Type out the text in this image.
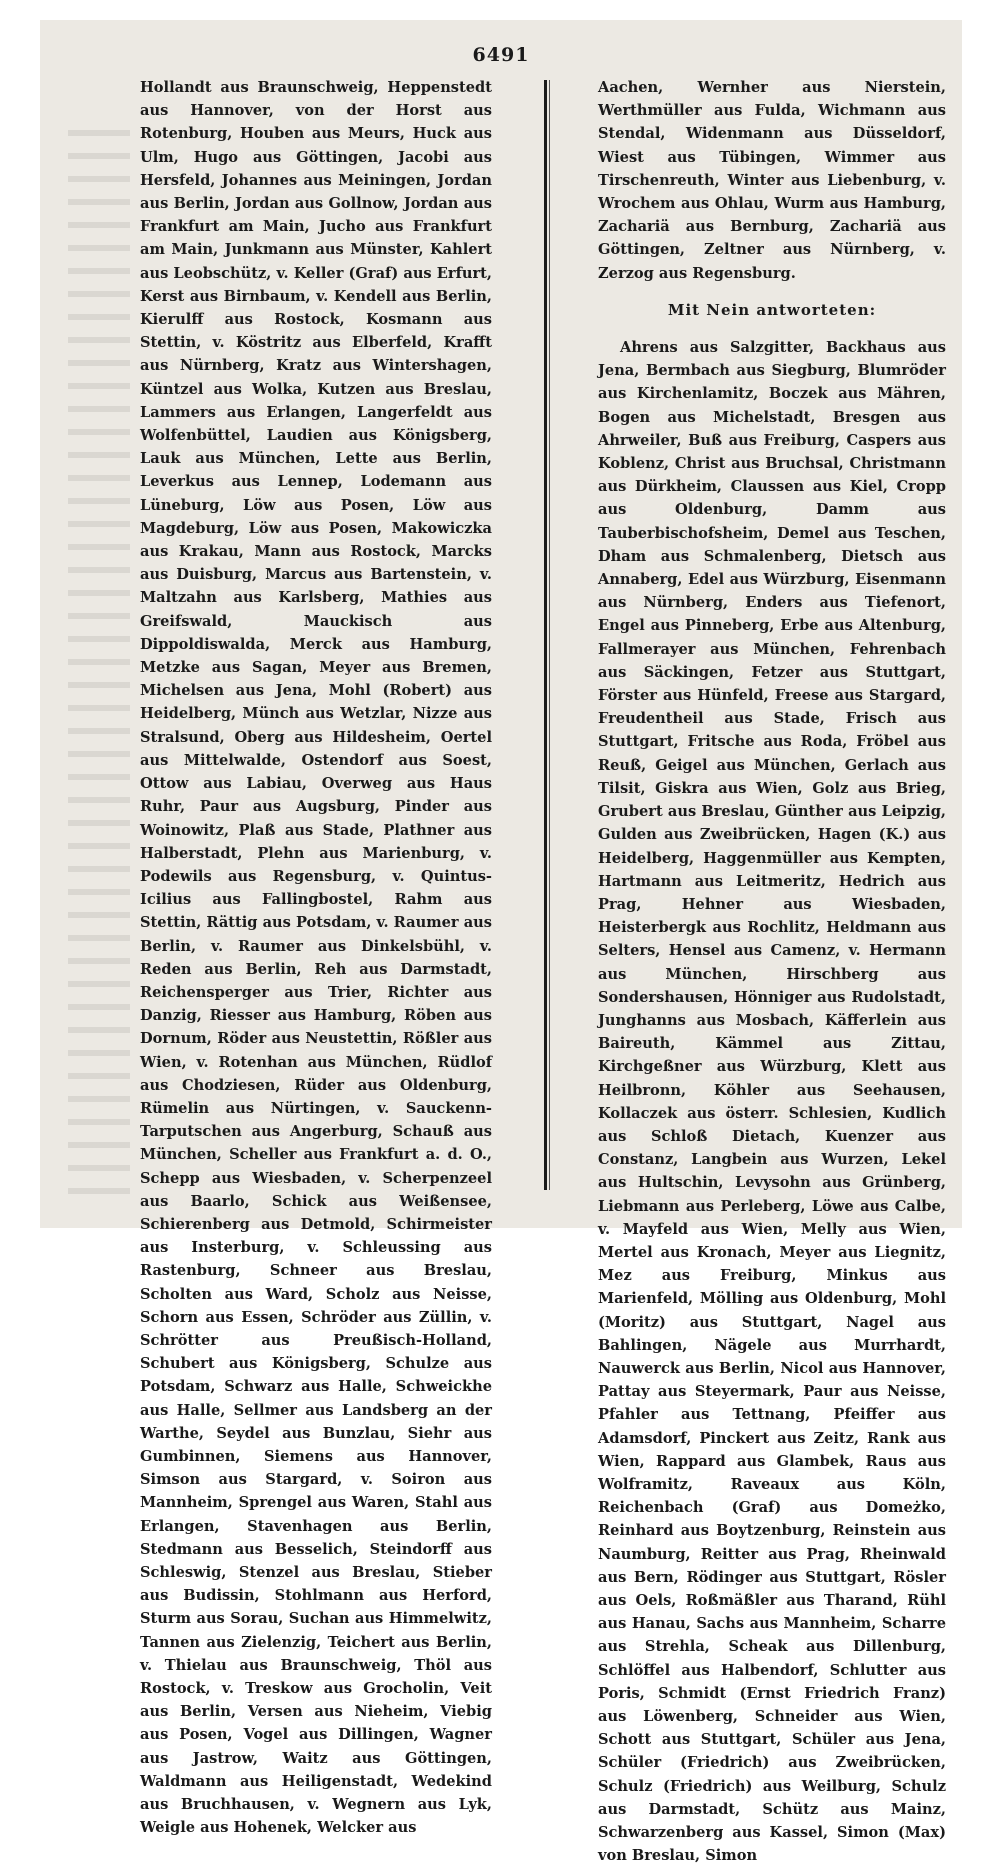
6491

Hollandt aus Braunschweig, Heppenstedt aus Hannover, von der Horst aus Rotenburg, Houben aus Meurs, Huck aus Ulm, Hugo aus Göttingen, Jacobi aus Hersfeld, Johannes aus Meiningen, Jordan aus Berlin, Jordan aus Gollnow, Jordan aus Frankfurt am Main, Jucho aus Frankfurt am Main, Junkmann aus Münster, Kahlert aus Leobschütz, v. Keller (Graf) aus Erfurt, Kerst aus Birnbaum, v. Kendell aus Berlin, Kierulff aus Rostock, Kosmann aus Stettin, v. Köstritz aus Elberfeld, Krafft aus Nürnberg, Kratz aus Wintershagen, Küntzel aus Wolka, Kutzen aus Breslau, Lammers aus Erlangen, Langerfeldt aus Wolfenbüttel, Laudien aus Königsberg, Lauk aus München, Lette aus Berlin, Leverkus aus Lennep, Lodemann aus Lüneburg, Löw aus Posen, Löw aus Magdeburg, Löw aus Posen, Makowiczka aus Krakau, Mann aus Rostock, Marcks aus Duisburg, Marcus aus Bartenstein, v. Maltzahn aus Karlsberg, Mathies aus Greifswald, Mauckisch aus Dippoldiswalda, Merck aus Hamburg, Metzke aus Sagan, Meyer aus Bremen, Michelsen aus Jena, Mohl (Robert) aus Heidelberg, Münch aus Wetzlar, Nizze aus Stralsund, Oberg aus Hildesheim, Oertel aus Mittelwalde, Ostendorf aus Soest, Ottow aus Labiau, Overweg aus Haus Ruhr, Paur aus Augsburg, Pinder aus Woinowitz, Plaß aus Stade, Plathner aus Halberstadt, Plehn aus Marienburg, v. Podewils aus Regensburg, v. Quintus-Icilius aus Fallingbostel, Rahm aus Stettin, Rättig aus Potsdam, v. Raumer aus Berlin, v. Raumer aus Dinkelsbühl, v. Reden aus Berlin, Reh aus Darmstadt, Reichensperger aus Trier, Richter aus Danzig, Riesser aus Hamburg, Röben aus Dornum, Röder aus Neustettin, Rößler aus Wien, v. Rotenhan aus München, Rüdlof aus Chodziesen, Rüder aus Oldenburg, Rümelin aus Nürtingen, v. Sauckenn-Tarputschen aus Angerburg, Schauß aus München, Scheller aus Frankfurt a. d. O., Schepp aus Wiesbaden, v. Scherpenzeel aus Baarlo, Schick aus Weißensee, Schierenberg aus Detmold, Schirmeister aus Insterburg, v. Schleussing aus Rastenburg, Schneer aus Breslau, Scholten aus Ward, Scholz aus Neisse, Schorn aus Essen, Schröder aus Züllin, v. Schrötter aus Preußisch-Holland, Schubert aus Königsberg, Schulze aus Potsdam, Schwarz aus Halle, Schweickhe aus Halle, Sellmer aus Landsberg an der Warthe, Seydel aus Bunzlau, Siehr aus Gumbinnen, Siemens aus Hannover, Simson aus Stargard, v. Soiron aus Mannheim, Sprengel aus Waren, Stahl aus Erlangen, Stavenhagen aus Berlin, Stedmann aus Besselich, Steindorff aus Schleswig, Stenzel aus Breslau, Stieber aus Budissin, Stohlmann aus Herford, Sturm aus Sorau, Suchan aus Himmelwitz, Tannen aus Zielenzig, Teichert aus Berlin, v. Thielau aus Braunschweig, Thöl aus Rostock, v. Treskow aus Grocholin, Veit aus Berlin, Versen aus Nieheim, Viebig aus Posen, Vogel aus Dillingen, Wagner aus Jastrow, Waitz aus Göttingen, Waldmann aus Heiligenstadt, Wedekind aus Bruchhausen, v. Wegnern aus Lyk, Weigle aus Hohenek, Welcker aus

Aachen, Wernher aus Nierstein, Werthmüller aus Fulda, Wichmann aus Stendal, Widenmann aus Düsseldorf, Wiest aus Tübingen, Wimmer aus Tirschenreuth, Winter aus Liebenburg, v. Wrochem aus Ohlau, Wurm aus Hamburg, Zachariä aus Bernburg, Zachariä aus Göttingen, Zeltner aus Nürnberg, v. Zerzog aus Regensburg.

Mit Nein antworteten:

Ahrens aus Salzgitter, Backhaus aus Jena, Bermbach aus Siegburg, Blumröder aus Kirchenlamitz, Boczek aus Mähren, Bogen aus Michelstadt, Bresgen aus Ahrweiler, Buß aus Freiburg, Caspers aus Koblenz, Christ aus Bruchsal, Christmann aus Dürkheim, Claussen aus Kiel, Cropp aus Oldenburg, Damm aus Tauberbischofsheim, Demel aus Teschen, Dham aus Schmalenberg, Dietsch aus Annaberg, Edel aus Würzburg, Eisenmann aus Nürnberg, Enders aus Tiefenort, Engel aus Pinneberg, Erbe aus Altenburg, Fallmerayer aus München, Fehrenbach aus Säckingen, Fetzer aus Stuttgart, Förster aus Hünfeld, Freese aus Stargard, Freudentheil aus Stade, Frisch aus Stuttgart, Fritsche aus Roda, Fröbel aus Reuß, Geigel aus München, Gerlach aus Tilsit, Giskra aus Wien, Golz aus Brieg, Grubert aus Breslau, Günther aus Leipzig, Gulden aus Zweibrücken, Hagen (K.) aus Heidelberg, Haggenmüller aus Kempten, Hartmann aus Leitmeritz, Hedrich aus Prag, Hehner aus Wiesbaden, Heisterbergk aus Rochlitz, Heldmann aus Selters, Hensel aus Camenz, v. Hermann aus München, Hirschberg aus Sondershausen, Hönniger aus Rudolstadt, Junghanns aus Mosbach, Käfferlein aus Baireuth, Kämmel aus Zittau, Kirchgeßner aus Würzburg, Klett aus Heilbronn, Köhler aus Seehausen, Kollaczek aus österr. Schlesien, Kudlich aus Schloß Dietach, Kuenzer aus Constanz, Langbein aus Wurzen, Lekel aus Hultschin, Levysohn aus Grünberg, Liebmann aus Perleberg, Löwe aus Calbe, v. Mayfeld aus Wien, Melly aus Wien, Mertel aus Kronach, Meyer aus Liegnitz, Mez aus Freiburg, Minkus aus Marienfeld, Mölling aus Oldenburg, Mohl (Moritz) aus Stuttgart, Nagel aus Bahlingen, Nägele aus Murrhardt, Nauwerck aus Berlin, Nicol aus Hannover, Pattay aus Steyermark, Paur aus Neisse, Pfahler aus Tettnang, Pfeiffer aus Adamsdorf, Pinckert aus Zeitz, Rank aus Wien, Rappard aus Glambek, Raus aus Wolframitz, Raveaux aus Köln, Reichenbach (Graf) aus Domeżko, Reinhard aus Boytzenburg, Reinstein aus Naumburg, Reitter aus Prag, Rheinwald aus Bern, Rödinger aus Stuttgart, Rösler aus Oels, Roßmäßler aus Tharand, Rühl aus Hanau, Sachs aus Mannheim, Scharre aus Strehla, Scheak aus Dillenburg, Schlöffel aus Halbendorf, Schlutter aus Poris, Schmidt (Ernst Friedrich Franz) aus Löwenberg, Schneider aus Wien, Schott aus Stuttgart, Schüler aus Jena, Schüler (Friedrich) aus Zweibrücken, Schulz (Friedrich) aus Weilburg, Schulz aus Darmstadt, Schütz aus Mainz, Schwarzenberg aus Kassel, Simon (Max) von Breslau, Simon
